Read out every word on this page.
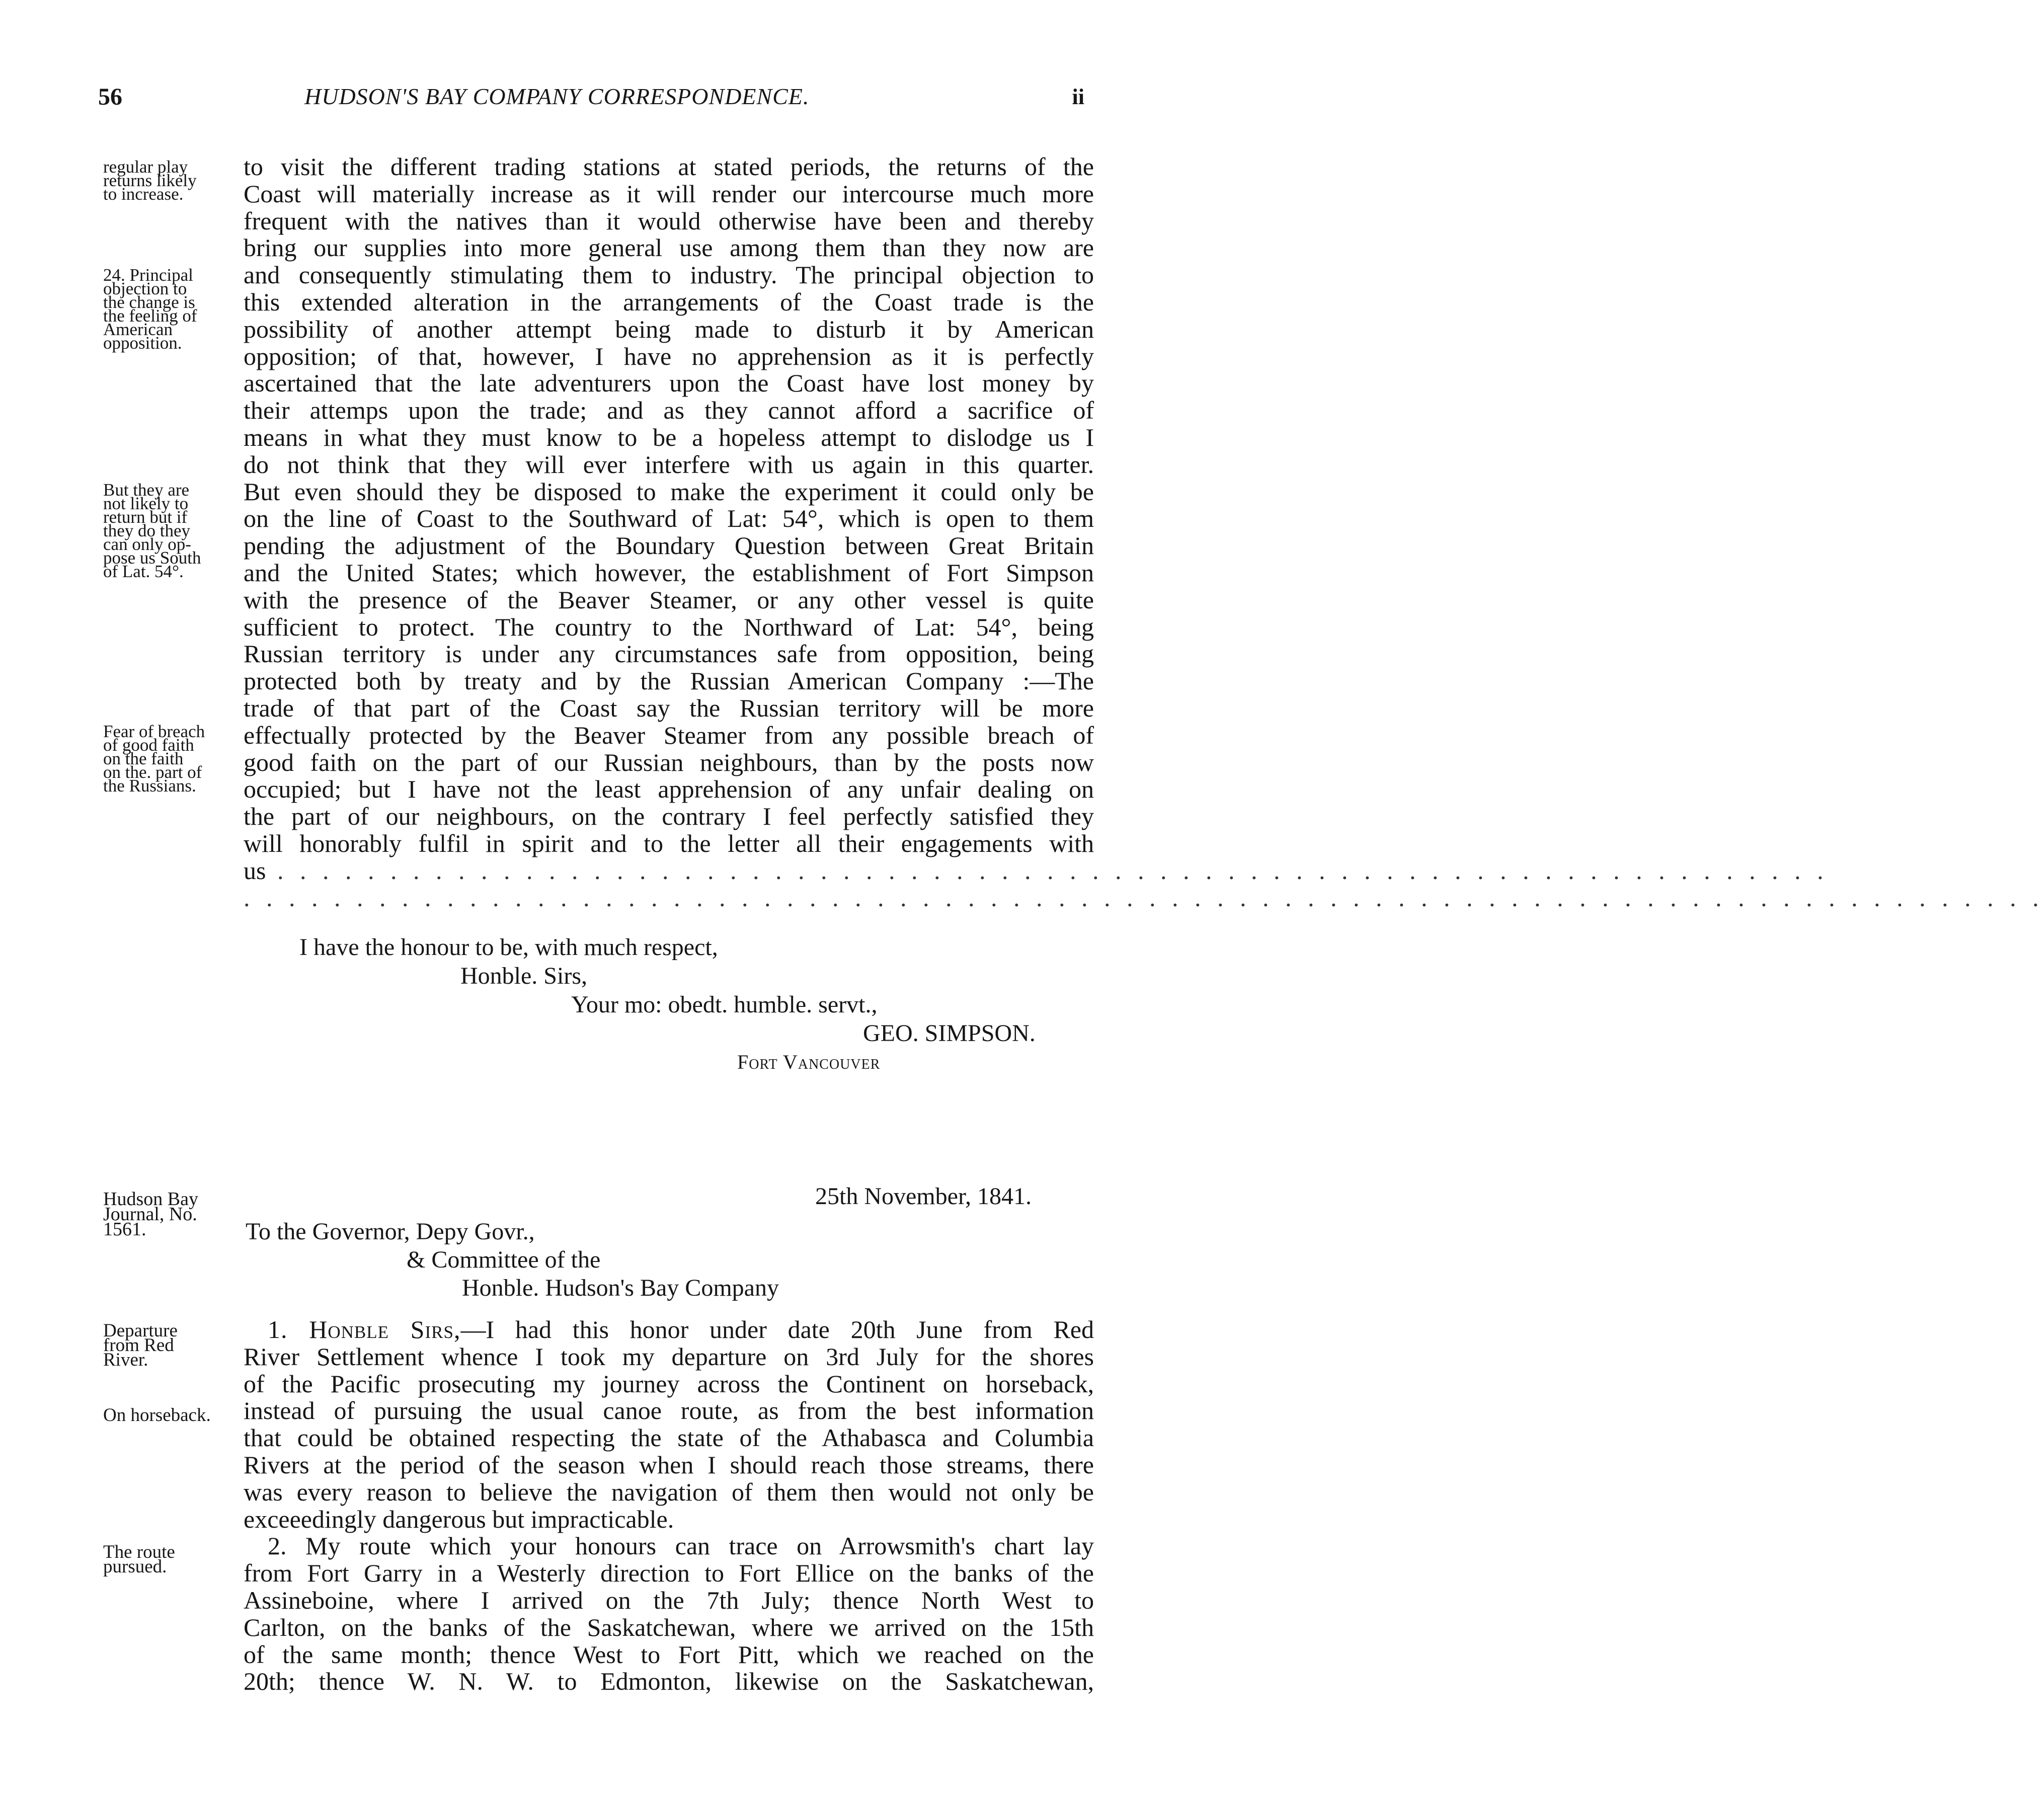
56	HUDSON'S BAY COMPANY CORRESPONDENCE.	ii
regular play
returns likely
to increase.
24. Principal
objection to
the change is
the feeling of
American
opposition.
But they are
not likely to
return but if
they do they
can only op-
pose us South
of Lat. 54°.
Fear of breach
of good faith
on the faith
on the. part of
the Russians.
to visit the different trading stations at stated periods, the returns of the
Coast will materially increase as it will render our intercourse much more
frequent with the natives than it would otherwise have been and thereby
bring our supplies into more general use among them than they now are
and consequently stimulating them to industry. The principal objection to
this extended alteration in the arrangements of the Coast trade is the
possibility of another attempt being made to disturb it by American
opposition; of that, however, I have no apprehension as it is perfectly
ascertained that the late adventurers upon the Coast have lost money by
their attemps upon the trade; and as they cannot afford a sacrifice of
means in what they must know to be a hopeless attempt to dislodge us I
do not think that they will ever interfere with us again in this quarter.
But even should they be disposed to make the experiment it could only be
on the line of Coast to the Southward of Lat: 54°, which is open to them
pending the adjustment of the Boundary Question between Great Britain
and the United States; which however, the establishment of Fort Simpson
with the presence of the Beaver Steamer, or any other vessel is quite
sufficient to protect. The country to the Northward of Lat: 54°, being
Russian territory is under any circumstances safe from opposition, being
protected both by treaty and by the Russian American Company :—The
trade of that part of the Coast say the Russian territory will be more
effectually protected by the Beaver Steamer from any possible breach of
good faith on the part of our Russian neighbours, than by the posts now
occupied; but I have not the least apprehension of any unfair dealing on
the part of our neighbours, on the contrary I feel perfectly satisfied they
will honorably fulfil in spirit and to the letter all their engagements with
us . . . . . . . . . . . . . . . . . . . . . . . . . . . . . . . . . . . . . . . . . . . . . . . . . . . . . . . . . . . . . . . . . . . . .
. . . . . . . . . . . . . . . . . . . . . . . . . . . . . . . . . . . . . . . . . . . . . . . . . . . . . . . . . . . . . . . . . . . . . . . . . . . . . . . .
I have the honour to be, with much respect,
Honble. Sirs,
Your mo: obedt. humble. servt.,
GEO. SIMPSON.
Fort Vancouver
Hudson Bay
Journal, No.
1561.
25th November, 1841.
To the Governor, Depy Govr.,
& Committee of the
Honble. Hudson's Bay Company
Departure
from Red
River.
On horseback.
The route
pursued.
1. Honble Sirs,—I had this honor under date 20th June from Red
River Settlement whence I took my departure on 3rd July for the shores
of the Pacific prosecuting my journey across the Continent on horseback,
instead of pursuing the usual canoe route, as from the best information
that could be obtained respecting the state of the Athabasca and Columbia
Rivers at the period of the season when I should reach those streams, there
was every reason to believe the navigation of them then would not only be
exceeedingly dangerous but impracticable.
2. My route which your honours can trace on Arrowsmith's chart lay
from Fort Garry in a Westerly direction to Fort Ellice on the banks of the
Assineboine, where I arrived on the 7th July; thence North West to
Carlton, on the banks of the Saskatchewan, where we arrived on the 15th
of the same month; thence West to Fort Pitt, which we reached on the
20th; thence W. N. W. to Edmonton, likewise on the Saskatchewan,
